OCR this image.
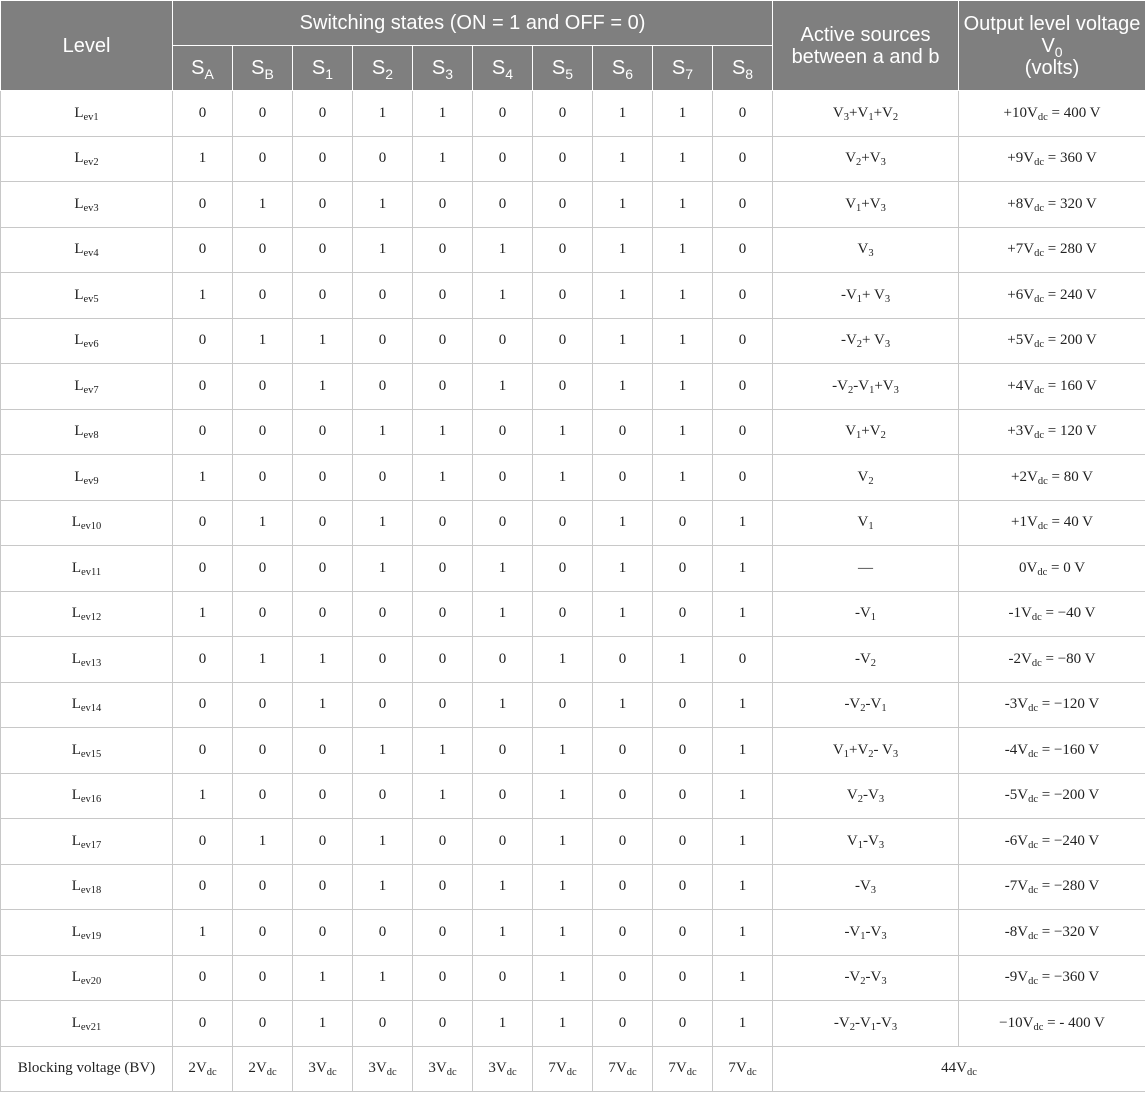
Level	Switching states (ON = 1 and OFF = 0)										Active sources between a and b	Output level voltage $V_0$
(volts)
	$S_A$	$S_B$	$S_1$	$S_2$	$S_3$	$S_4$	$S_5$	$S_6$	$S_7$	$S_8$
$L_{ev1}$	0	0	0	1	1	0	0	1	1	0	$V_3+V_1+V_2$	$+10V_{dc} = 400$ V
$L_{ev2}$	1	0	0	0	1	0	0	1	1	0	$V_2+V_3$	$+9V_{dc} = 360$ V
$L_{ev3}$	0	1	0	1	0	0	0	1	1	0	$V_1+V_3$	$+8V_{dc} = 320$ V
$L_{ev4}$	0	0	0	1	0	1	0	1	1	0	$V_3$	$+7V_{dc} = 280$ V
$L_{ev5}$	1	0	0	0	0	1	0	1	1	0	$-V_1+ V_3$	$+6V_{dc} = 240$ V
$L_{ev6}$	0	1	1	0	0	0	0	1	1	0	$-V_2+ V_3$	$+5V_{dc} = 200$ V
$L_{ev7}$	0	0	1	0	0	1	0	1	1	0	$-V_2-V_1+V_3$	$+4V_{dc} = 160$ V
$L_{ev8}$	0	0	0	1	1	0	1	0	1	0	$V_1+V_2$	$+3V_{dc} = 120$ V
$L_{ev9}$	1	0	0	0	1	0	1	0	1	0	$V_2$	$+2V_{dc} = 80$ V
$L_{ev10}$	0	1	0	1	0	0	0	1	0	1	$V_1$	$+1V_{dc} = 40$ V
$L_{ev11}$	0	0	0	1	0	1	0	1	0	1	—	$0V_{dc} = 0$ V
$L_{ev12}$	1	0	0	0	0	1	0	1	0	1	$-V_1$	$-1V_{dc} = -40$ V
$L_{ev13}$	0	1	1	0	0	0	1	0	1	0	$-V_2$	$-2V_{dc} = -80$ V
$L_{ev14}$	0	0	1	0	0	1	0	1	0	1	$-V_2-V_1$	$-3V_{dc} = -120$ V
$L_{ev15}$	0	0	0	1	1	0	1	0	0	1	$V_1+V_2-$ $V_3$	$-4V_{dc} = -160$ V
$L_{ev16}$	1	0	0	0	1	0	1	0	0	1	$V_2-V_3$	$-5V_{dc} = -200$ V
$L_{ev17}$	0	1	0	1	0	0	1	0	0	1	$V_1-V_3$	$-6V_{dc} = -240$ V
$L_{ev18}$	0	0	0	1	0	1	1	0	0	1	$-V_3$	$-7V_{dc} = -280$ V
$L_{ev19}$	1	0	0	0	0	1	1	0	0	1	$-V_1-V_3$	$-8V_{dc} = -320$ V
$L_{ev20}$	0	0	1	1	0	0	1	0	0	1	$-V_2-V_3$	$-9V_{dc} = -360$ V
$L_{ev21}$	0	0	1	0	0	1	1	0	0	1	$-V_2-V_1-V_3$	$-10V_{dc}$ = - 400 V
Blocking voltage (BV)	$2V_{dc}$	$2V_{dc}$	$3V_{dc}$	$3V_{dc}$	$3V_{dc}$	$3V_{dc}$	$7V_{dc}$	$7V_{dc}$	$7V_{dc}$	$7V_{dc}$	$44V_{dc}$
